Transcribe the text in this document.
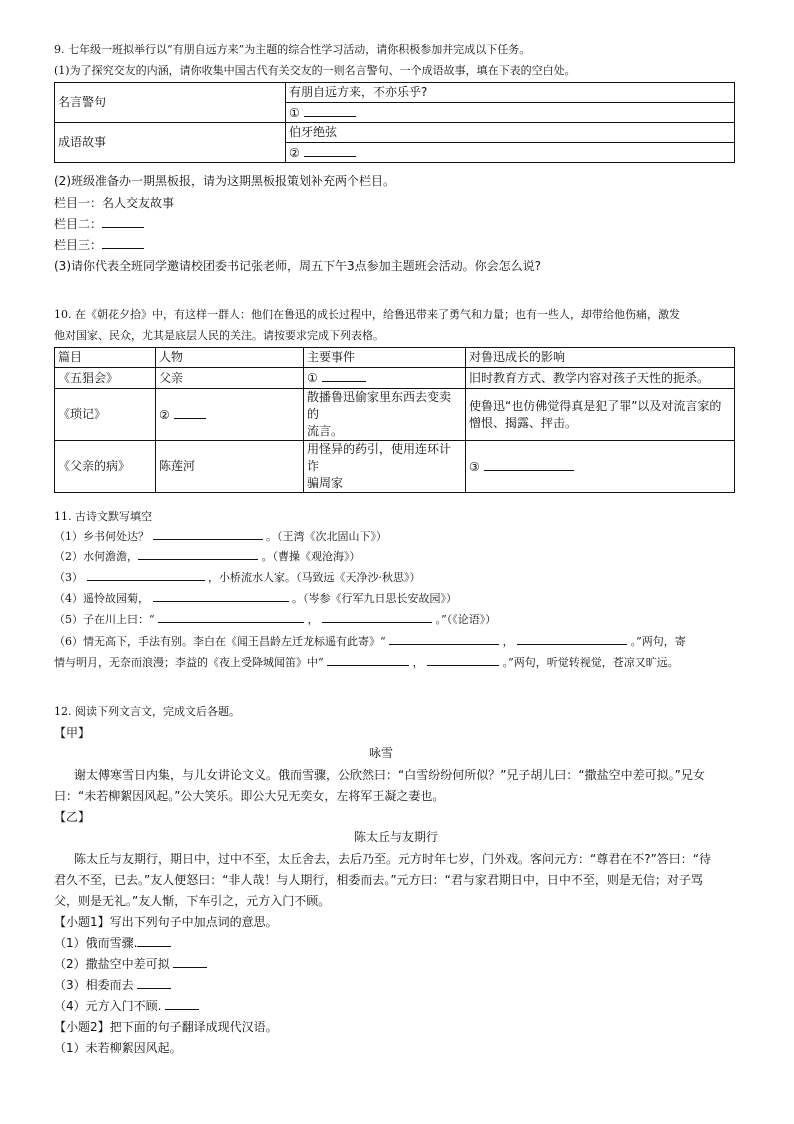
9. 七年级一班拟举行以“有朋自远方来”为主题的综合性学习活动，请你积极参加并完成以下任务。
(1)为了探究交友的内涵，请你收集中国古代有关交友的一则名言警句、一个成语故事，填在下表的空白处。
名言警句	有朋自远方来，不亦乐乎?
	①
成语故事	伯牙绝弦
	②
(2)班级准备办一期黑板报，请为这期黑板报策划补充两个栏目。
栏目一：名人交友故事
栏目二：
栏目三：
(3)请你代表全班同学邀请校团委书记张老师，周五下午3点参加主题班会活动。你会怎么说?
10. 在《朝花夕拾》中，有这样一群人：他们在鲁迅的成长过程中，给鲁迅带来了勇气和力量；也有一些人，却带给他伤痛，激发
他对国家、民众，尤其是底层人民的关注。请按要求完成下列表格。
篇目	人物	主要事件	对鲁迅成长的影响
《五猖会》	父亲	①	旧时教育方式、教学内容对孩子天性的扼杀。
《琐记》	②	散播鲁迅偷家里东西去变卖的
流言。	使鲁迅“也仿佛觉得真是犯了罪”以及对流言家的
憎恨、揭露、抨击。
《父亲的病》	陈莲河	用怪异的药引，使用连环计诈
骗周家	③
11. 古诗文默写填空
（1）乡书何处达？	。（王湾《次北固山下》）
（2）水何澹澹，	。（曹操《观沧海》）
（3）	，小桥流水人家。（马致远《天净沙·秋思》）
（4）遥怜故园菊，	。（岑参《行军九日思长安故园》）
（5）子在川上曰：“	，	。”（《论语》）
（6）情无高下，手法有别。李白在《闻王昌龄左迁龙标遥有此寄》“	，	。”两句，寄
情与明月，无奈而浪漫；李益的《夜上受降城闻笛》中“	，	。”两句，听觉转视觉，苍凉又旷远。
12. 阅读下列文言文，完成文后各题。
【甲】
咏雪
谢太傅寒雪日内集，与儿女讲论文义。俄而雪骤，公欣然曰：“白雪纷纷何所似？”兄子胡儿曰：“撒盐空中差可拟。”兄女
曰：“未若柳絮因风起。”公大笑乐。即公大兄无奕女，左将军王凝之妻也。
【乙】
陈太丘与友期行
陈太丘与友期行，期日中，过中不至，太丘舍去，去后乃至。元方时年七岁，门外戏。客问元方：“尊君在不?”答曰：“待
君久不至，已去。”友人便怒曰：“非人哉！与人期行，相委而去。”元方曰：“君与家君期日中，日中不至，则是无信；对子骂
父，则是无礼。”友人惭，下车引之，元方入门不顾。
【小题1】写出下列句子中加点词的意思。
（1）俄而雪骤.
（2）撒盐空中差可拟
（3）相委而去
（4）元方入门不顾.
【小题2】把下面的句子翻译成现代汉语。
（1）未若柳絮因风起。
